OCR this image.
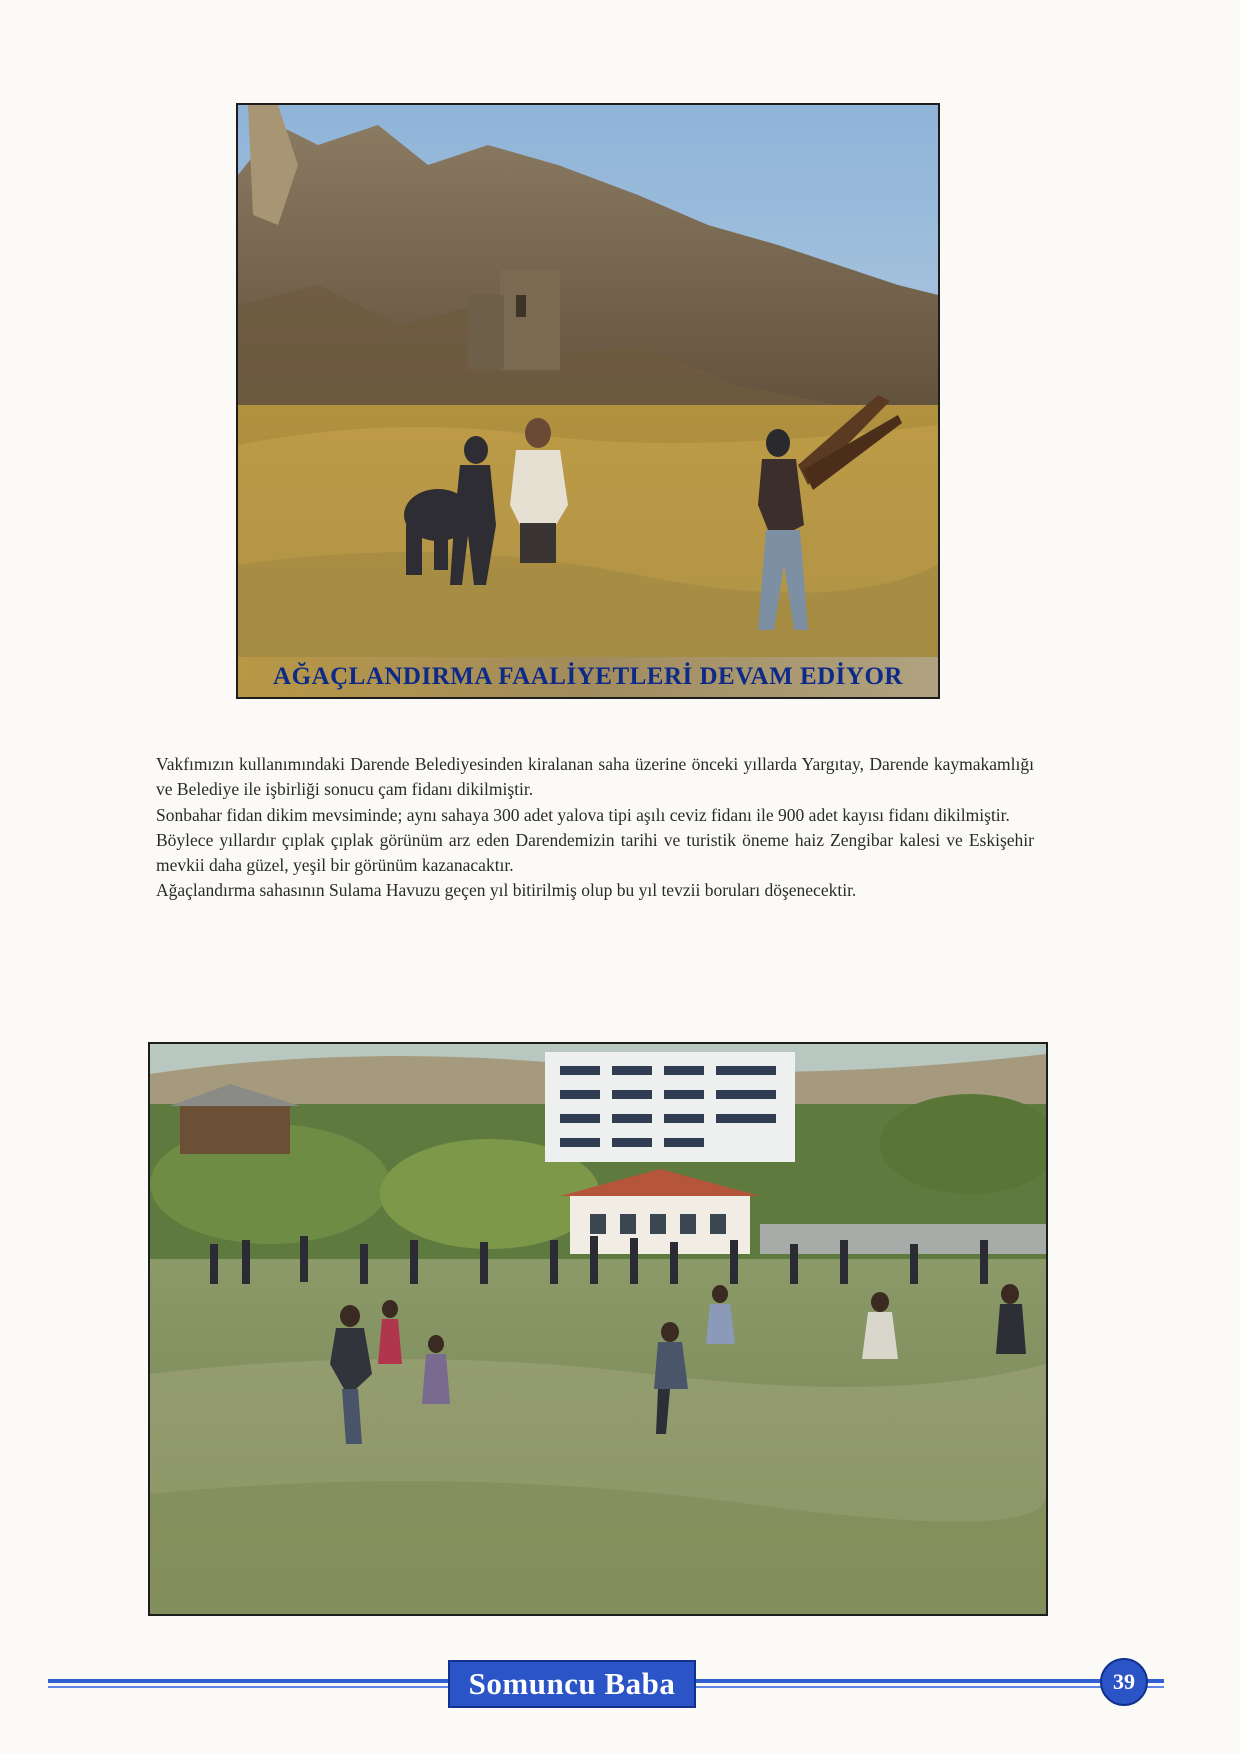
AĞAÇLANDIRMA FAALİYETLERİ DEVAM EDİYOR

Vakfımızın kullanımındaki Darende Belediyesinden kiralanan saha üzerine önceki yıllarda Yargıtay, Darende kaymakamlığı ve Belediye ile işbirliği sonucu çam fidanı dikilmiştir.

Sonbahar fidan dikim mevsiminde; aynı sahaya 300 adet yalova tipi aşılı ceviz fidanı ile 900 adet kayısı fidanı dikilmiştir.

Böylece yıllardır çıplak çıplak görünüm arz eden Darendemizin tarihi ve turistik öneme haiz Zengibar kalesi ve Eskişehir mevkii daha güzel, yeşil bir görünüm kazanacaktır.

Ağaçlandırma sahasının Sulama Havuzu geçen yıl bitirilmiş olup bu yıl tevzii boruları döşenecektir.

Somuncu Baba	39
